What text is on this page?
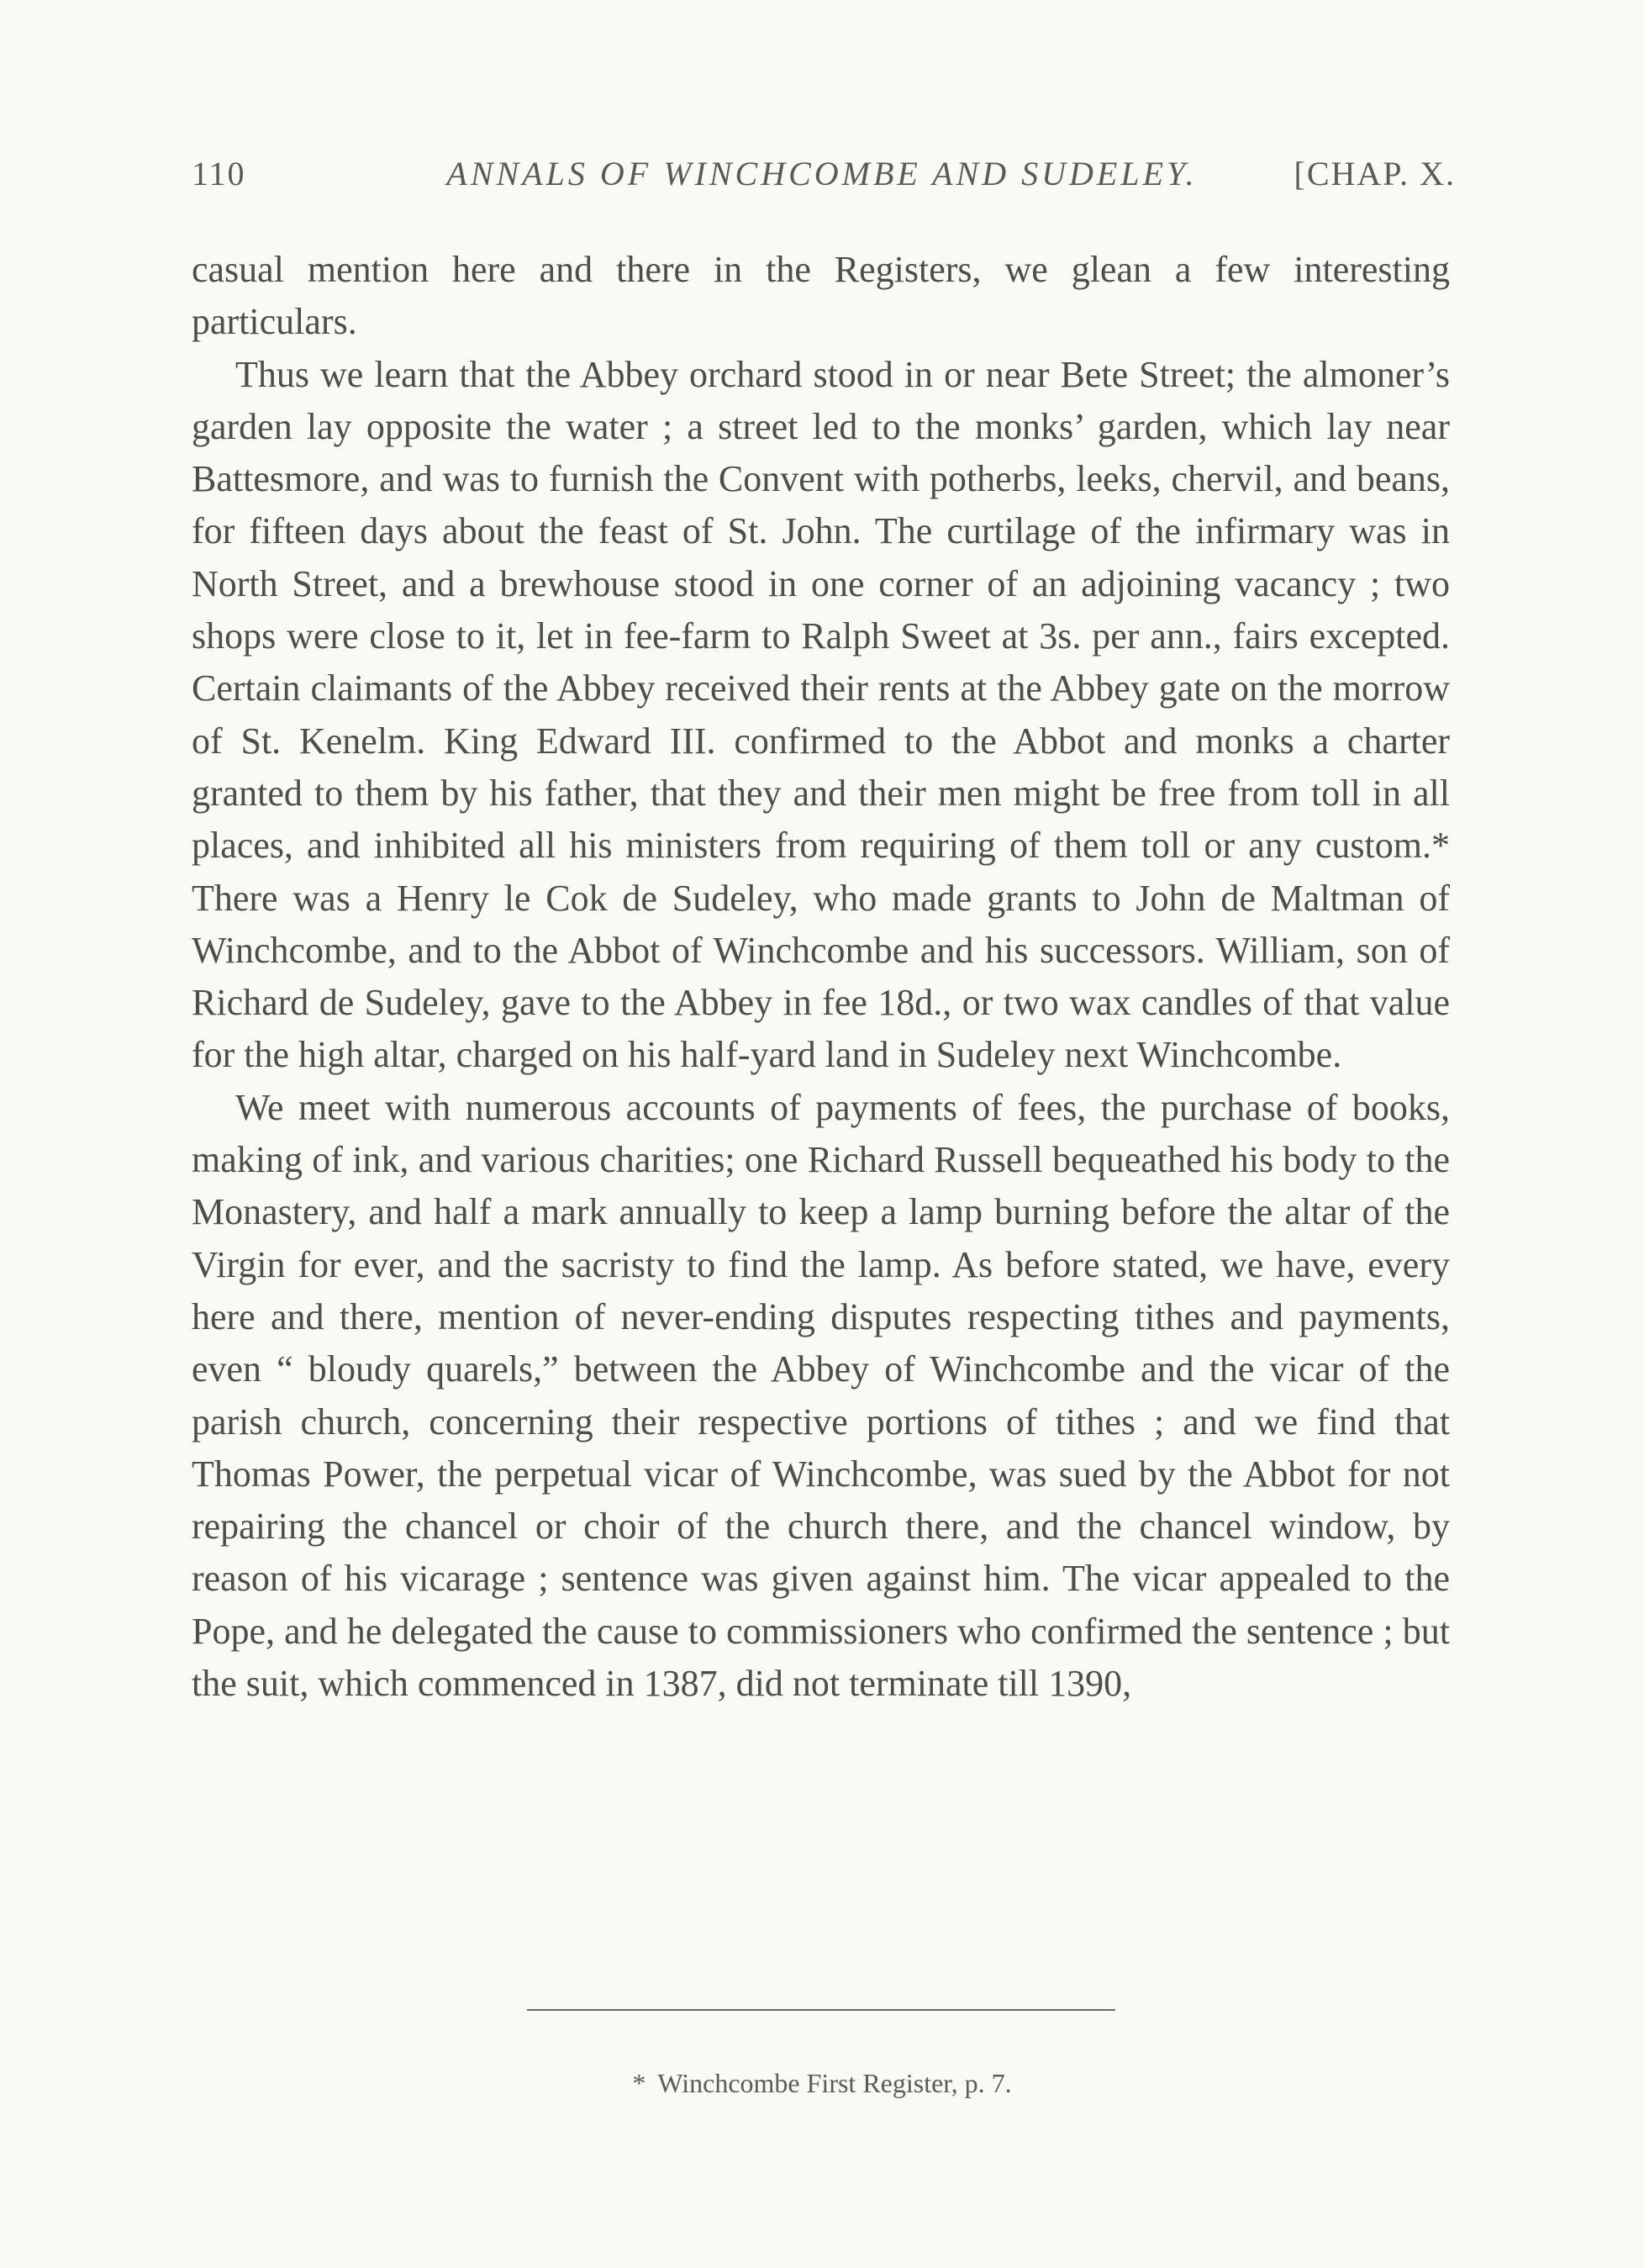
110	ANNALS OF WINCHCOMBE AND SUDELEY.	[CHAP. X.

casual mention here and there in the Registers, we glean a few interesting particulars.

Thus we learn that the Abbey orchard stood in or near Bete Street; the almoner’s garden lay opposite the water ; a street led to the monks’ garden, which lay near Battesmore, and was to furnish the Convent with potherbs, leeks, chervil, and beans, for fifteen days about the feast of St. John. The curtilage of the infirmary was in North Street, and a brewhouse stood in one corner of an adjoining vacancy ; two shops were close to it, let in fee-farm to Ralph Sweet at 3s. per ann., fairs excepted. Certain claimants of the Abbey received their rents at the Abbey gate on the morrow of St. Kenelm. King Edward III. confirmed to the Abbot and monks a charter granted to them by his father, that they and their men might be free from toll in all places, and inhibited all his ministers from requiring of them toll or any custom.* There was a Henry le Cok de Sudeley, who made grants to John de Maltman of Winchcombe, and to the Abbot of Winchcombe and his successors. William, son of Richard de Sudeley, gave to the Abbey in fee 18d., or two wax candles of that value for the high altar, charged on his half-yard land in Sudeley next Winchcombe.

We meet with numerous accounts of payments of fees, the purchase of books, making of ink, and various charities; one Richard Russell bequeathed his body to the Monastery, and half a mark annually to keep a lamp burning before the altar of the Virgin for ever, and the sacristy to find the lamp. As before stated, we have, every here and there, mention of never-ending disputes respecting tithes and payments, even “ bloudy quarels,” between the Abbey of Winchcombe and the vicar of the parish church, concerning their respective portions of tithes ; and we find that Thomas Power, the perpetual vicar of Winchcombe, was sued by the Abbot for not repairing the chancel or choir of the church there, and the chancel window, by reason of his vicarage ; sentence was given against him. The vicar appealed to the Pope, and he delegated the cause to commissioners who confirmed the sentence ; but the suit, which commenced in 1387, did not terminate till 1390,

* Winchcombe First Register, p. 7.
